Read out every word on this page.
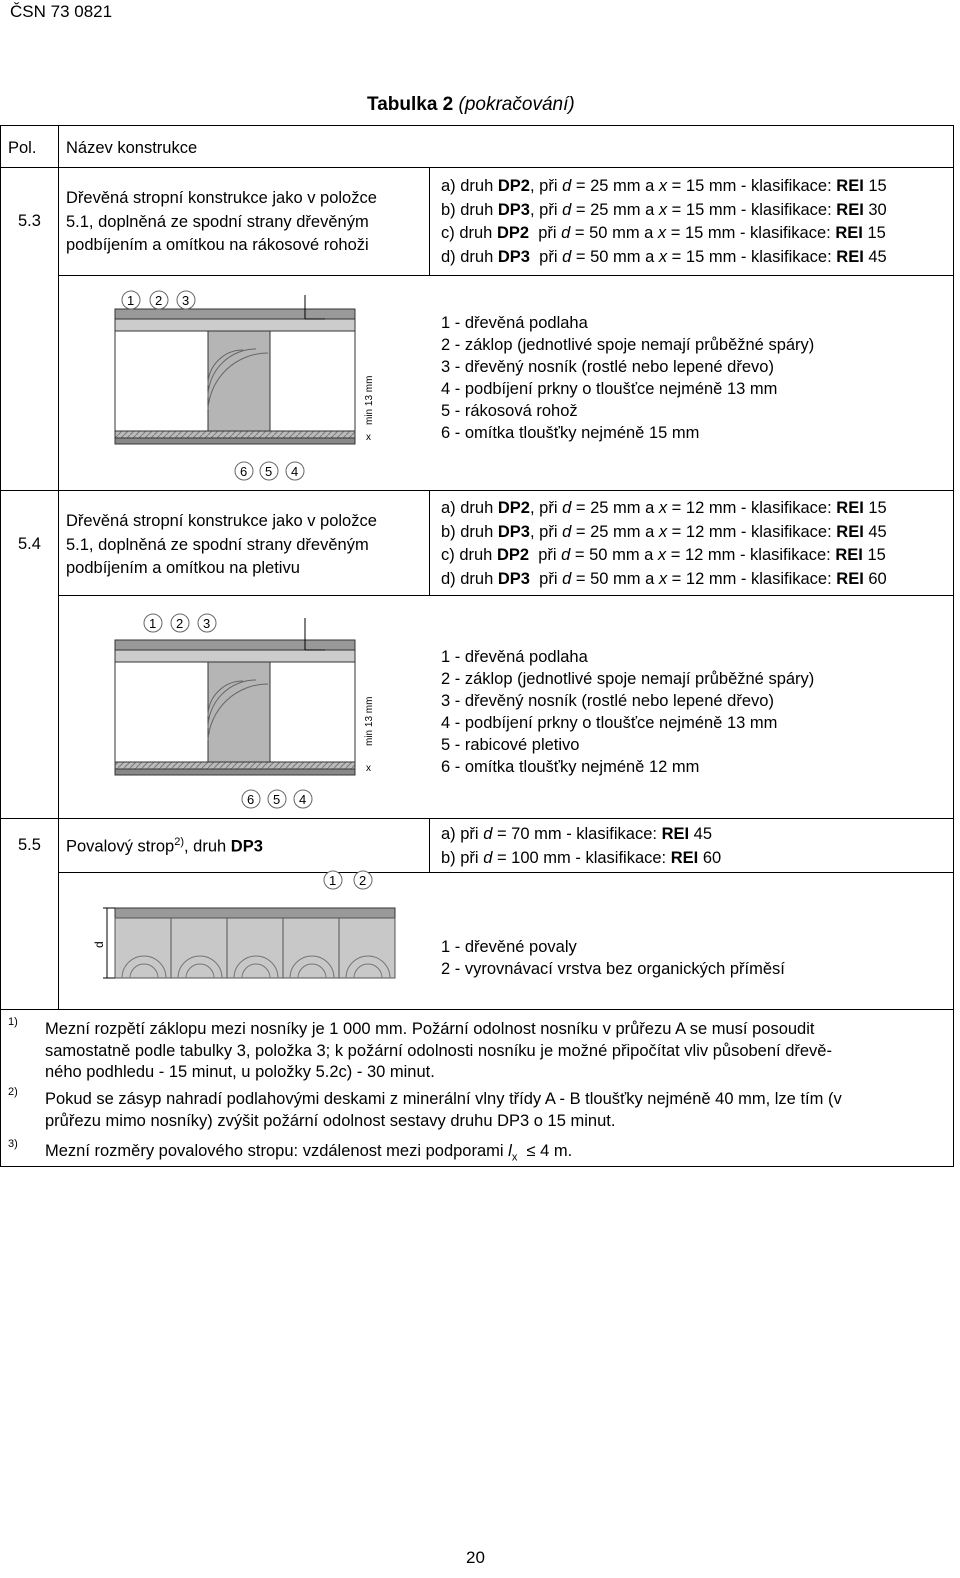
ČSN 73 0821
Tabulka 2 (pokračování)
Pol. Název konstrukce
5.3
Dřevěná stropní konstrukce jako v položce
5.1, doplněná ze spodní strany dřevěným
podbíjením a omítkou na rákosové rohoži
a) druh DP2, při d = 25 mm a x = 15 mm - klasifikace: REI 15
b) druh DP3, při d = 25 mm a x = 15 mm - klasifikace: REI 30
c) druh DP2  při d = 50 mm a x = 15 mm - klasifikace: REI 15
d) druh DP3  při d = 50 mm a x = 15 mm - klasifikace: REI 45
1 2 3
6 5 4
min 13 mm
x
1 - dřevěná podlaha
2 - záklop (jednotlivé spoje nemají průběžné spáry)
3 - dřevěný nosník (rostlé nebo lepené dřevo)
4 - podbíjení prkny o tloušťce nejméně 13 mm
5 - rákosová rohož
6 - omítka tloušťky nejméně 15 mm
5.4
Dřevěná stropní konstrukce jako v položce
5.1, doplněná ze spodní strany dřevěným
podbíjením a omítkou na pletivu
a) druh DP2, při d = 25 mm a x = 12 mm - klasifikace: REI 15
b) druh DP3, při d = 25 mm a x = 12 mm - klasifikace: REI 45
c) druh DP2  při d = 50 mm a x = 12 mm - klasifikace: REI 15
d) druh DP3  při d = 50 mm a x = 12 mm - klasifikace: REI 60
1 2 3
6 5 4
min 13 mm
x
1 - dřevěná podlaha
2 - záklop (jednotlivé spoje nemají průběžné spáry)
3 - dřevěný nosník (rostlé nebo lepené dřevo)
4 - podbíjení prkny o tloušťce nejméně 13 mm
5 - rabicové pletivo
6 - omítka tloušťky nejméně 12 mm
5.5 Povalový strop$^{2)}$, druh DP3
a) při d = 70 mm - klasifikace: REI 45
b) při d = 100 mm - klasifikace: REI 60
d
1 2
1 - dřevěné povaly
2 - vyrovnávací vrstva bez organických příměsí
1) Mezní rozpětí záklopu mezi nosníky je 1 000 mm. Požární odolnost nosníku v průřezu A se musí posoudit
samostatně podle tabulky 3, položka 3; k požární odolnosti nosníku je možné připočítat vliv působení dřevě-
ného podhledu - 15 minut, u položky 5.2c) - 30 minut.
2) Pokud se zásyp nahradí podlahovými deskami z minerální vlny třídy A - B tloušťky nejméně 40 mm, lze tím (v
průřezu mimo nosníky) zvýšit požární odolnost sestavy druhu DP3 o 15 minut.
3) Mezní rozměry povalového stropu: vzdálenost mezi podporami $l_x \le 4$ m.
20
